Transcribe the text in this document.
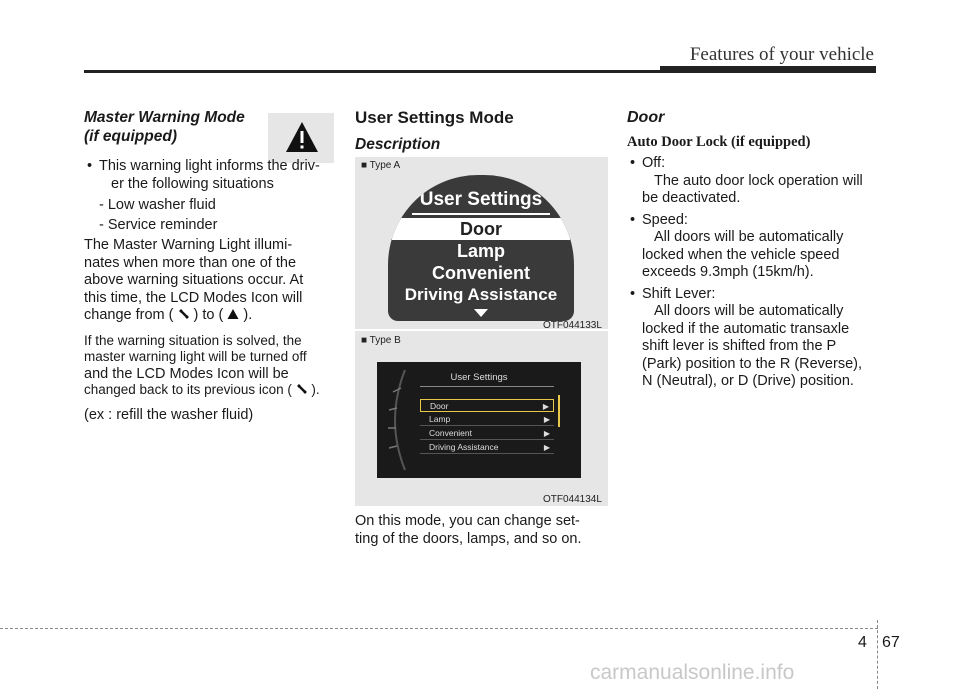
Features of your vehicle
Master Warning Mode
(if equipped)
• This warning light informs the driv-
er the following situations
- Low washer fluid
- Service reminder
The Master Warning Light illumi-
nates when more than one of the
above warning situations occur. At
this time, the LCD Modes Icon will
change from ( ) to ( ).
If the warning situation is solved, the
master warning light will be turned off
and the LCD Modes Icon will be
changed back to its previous icon ( ).
(ex : refill the washer fluid)
User Settings Mode
Description
■ Type A
User Settings
Door
Lamp
Convenient
Driving Assistance
OTF044133L
■ Type B
User Settings
Door	▶
Lamp	▶
Convenient	▶
Driving Assistance	▶
OTF044134L
On this mode, you can change set-
ting of the doors, lamps, and so on.
Door
Auto Door Lock (if equipped)
• Off:
The auto door lock operation will
be deactivated.
• Speed:
All doors will be automatically
locked when the vehicle speed
exceeds 9.3mph (15km/h).
• Shift Lever:
All doors will be automatically
locked if the automatic transaxle
shift lever is shifted from the P
(Park) position to the R (Reverse),
N (Neutral), or D (Drive) position.
4 67
carmanualsonline.info
